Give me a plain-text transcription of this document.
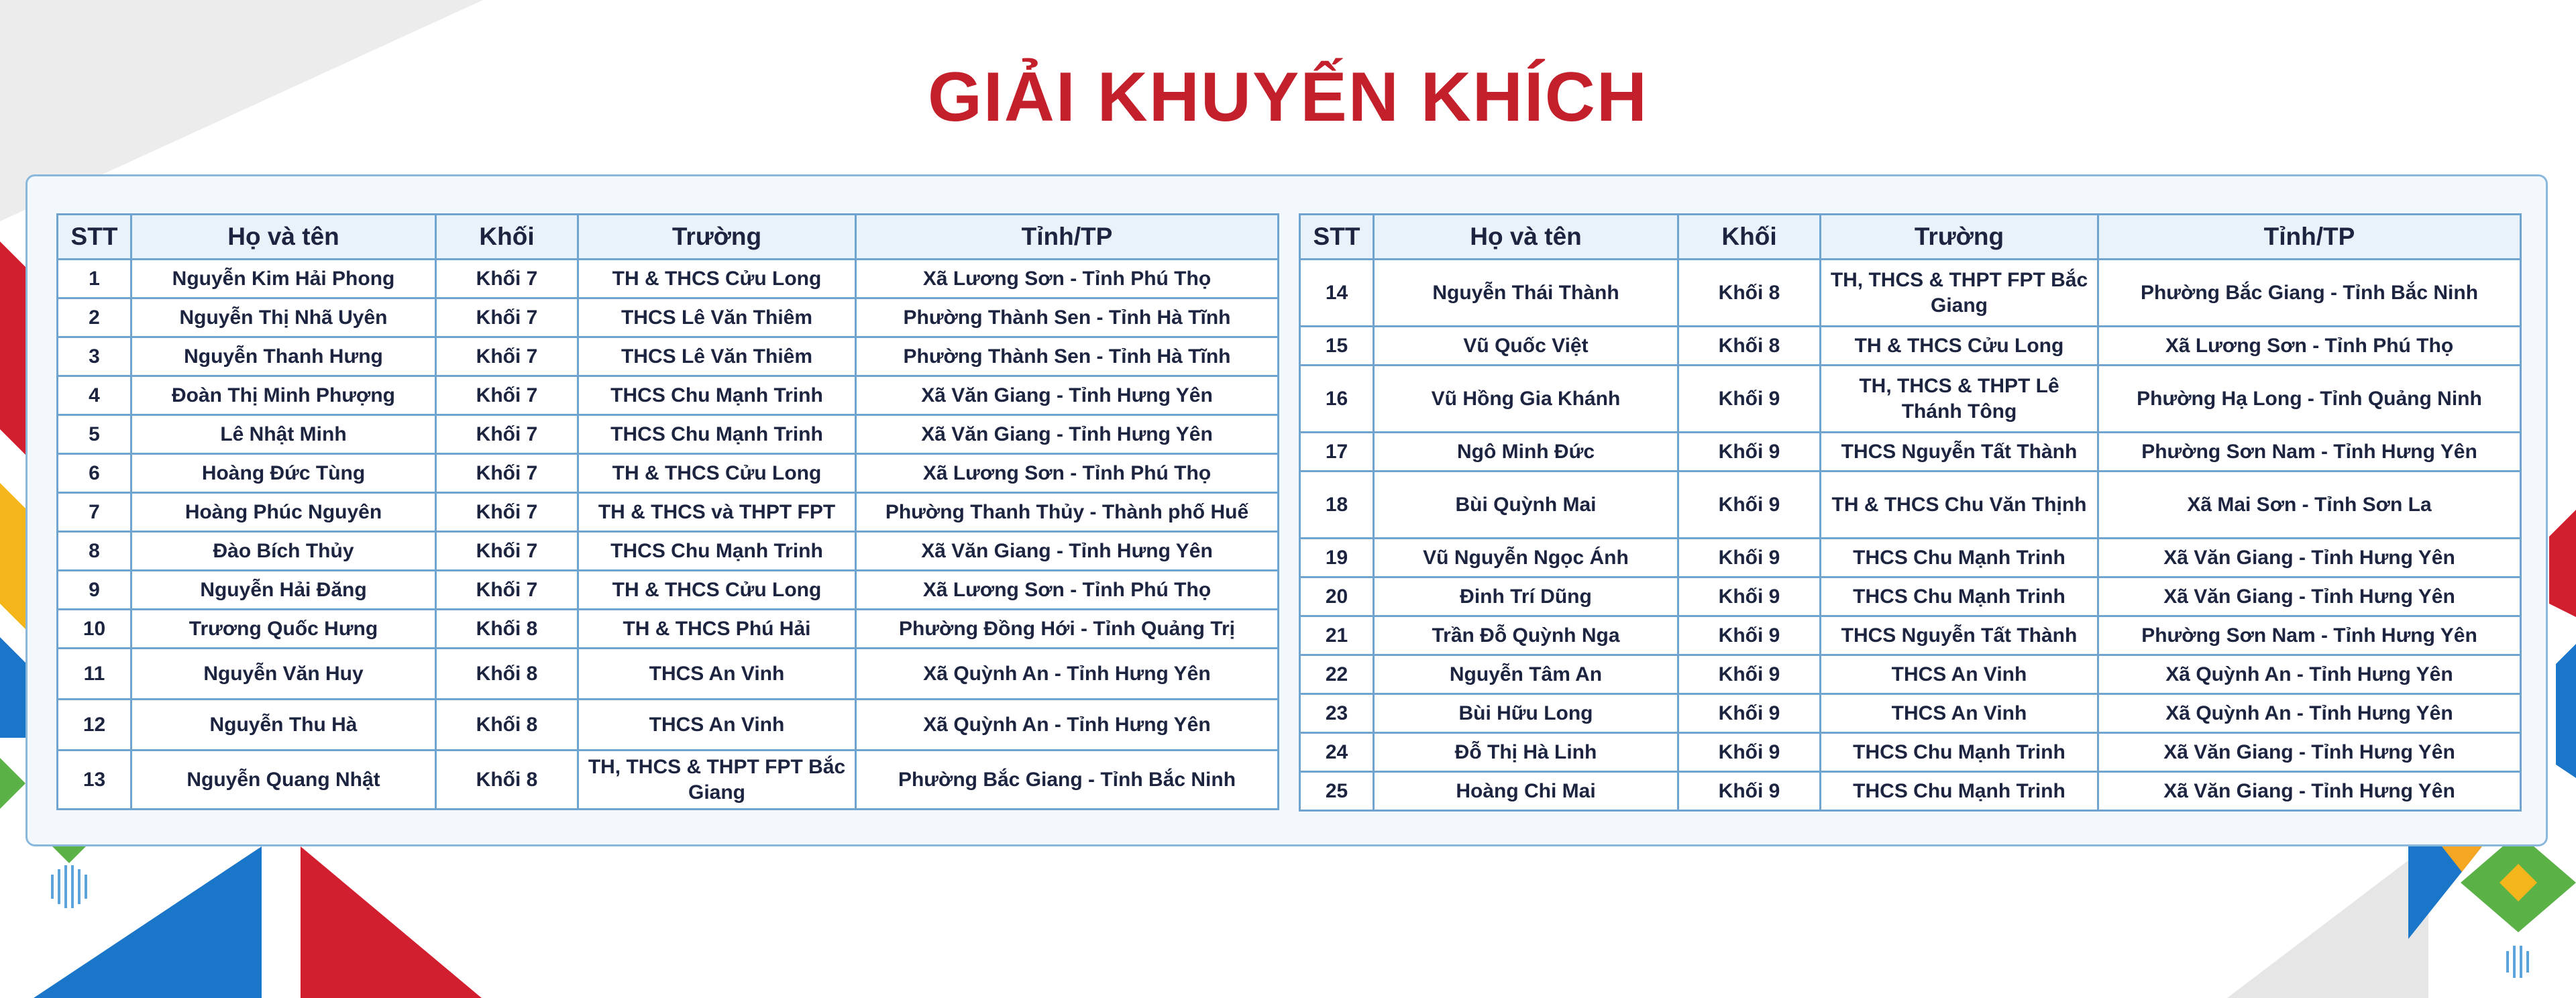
GIẢI KHUYẾN KHÍCH
STT	Họ và tên	Khối	Trường	Tỉnh/TP
1	Nguyễn Kim Hải Phong	Khối 7	TH & THCS Cửu Long	Xã Lương Sơn - Tỉnh Phú Thọ
2	Nguyễn Thị Nhã Uyên	Khối 7	THCS Lê Văn Thiêm	Phường Thành Sen - Tỉnh Hà Tĩnh
3	Nguyễn Thanh Hưng	Khối 7	THCS Lê Văn Thiêm	Phường Thành Sen - Tỉnh Hà Tĩnh
4	Đoàn Thị Minh Phượng	Khối 7	THCS Chu Mạnh Trinh	Xã Văn Giang - Tỉnh Hưng Yên
5	Lê Nhật Minh	Khối 7	THCS Chu Mạnh Trinh	Xã Văn Giang - Tỉnh Hưng Yên
6	Hoàng Đức Tùng	Khối 7	TH & THCS Cửu Long	Xã Lương Sơn - Tỉnh Phú Thọ
7	Hoàng Phúc Nguyên	Khối 7	TH & THCS và THPT FPT	Phường Thanh Thủy - Thành phố Huế
8	Đào Bích Thủy	Khối 7	THCS Chu Mạnh Trinh	Xã Văn Giang - Tỉnh Hưng Yên
9	Nguyễn Hải Đăng	Khối 7	TH & THCS Cửu Long	Xã Lương Sơn - Tỉnh Phú Thọ
10	Trương Quốc Hưng	Khối 8	TH & THCS Phú Hải	Phường Đồng Hới - Tỉnh Quảng Trị
11	Nguyễn Văn Huy	Khối 8	THCS An Vinh	Xã Quỳnh An - Tỉnh Hưng Yên
12	Nguyễn Thu Hà	Khối 8	THCS An Vinh	Xã Quỳnh An - Tỉnh Hưng Yên
13	Nguyễn Quang Nhật	Khối 8	TH, THCS & THPT FPT Bắc Giang	Phường Bắc Giang - Tỉnh Bắc Ninh
STT	Họ và tên	Khối	Trường	Tỉnh/TP
14	Nguyễn Thái Thành	Khối 8	TH, THCS & THPT FPT Bắc Giang	Phường Bắc Giang - Tỉnh Bắc Ninh
15	Vũ Quốc Việt	Khối 8	TH & THCS Cửu Long	Xã Lương Sơn - Tỉnh Phú Thọ
16	Vũ Hồng Gia Khánh	Khối 9	TH, THCS & THPT Lê Thánh Tông	Phường Hạ Long - Tỉnh Quảng Ninh
17	Ngô Minh Đức	Khối 9	THCS Nguyễn Tất Thành	Phường Sơn Nam - Tỉnh Hưng Yên
18	Bùi Quỳnh Mai	Khối 9	TH & THCS Chu Văn Thịnh	Xã Mai Sơn - Tỉnh Sơn La
19	Vũ Nguyễn Ngọc Ánh	Khối 9	THCS Chu Mạnh Trinh	Xã Văn Giang - Tỉnh Hưng Yên
20	Đinh Trí Dũng	Khối 9	THCS Chu Mạnh Trinh	Xã Văn Giang - Tỉnh Hưng Yên
21	Trần Đỗ Quỳnh Nga	Khối 9	THCS Nguyễn Tất Thành	Phường Sơn Nam - Tỉnh Hưng Yên
22	Nguyễn Tâm An	Khối 9	THCS An Vinh	Xã Quỳnh An - Tỉnh Hưng Yên
23	Bùi Hữu Long	Khối 9	THCS An Vinh	Xã Quỳnh An - Tỉnh Hưng Yên
24	Đỗ Thị Hà Linh	Khối 9	THCS Chu Mạnh Trinh	Xã Văn Giang - Tỉnh Hưng Yên
25	Hoàng Chi Mai	Khối 9	THCS Chu Mạnh Trinh	Xã Văn Giang - Tỉnh Hưng Yên
